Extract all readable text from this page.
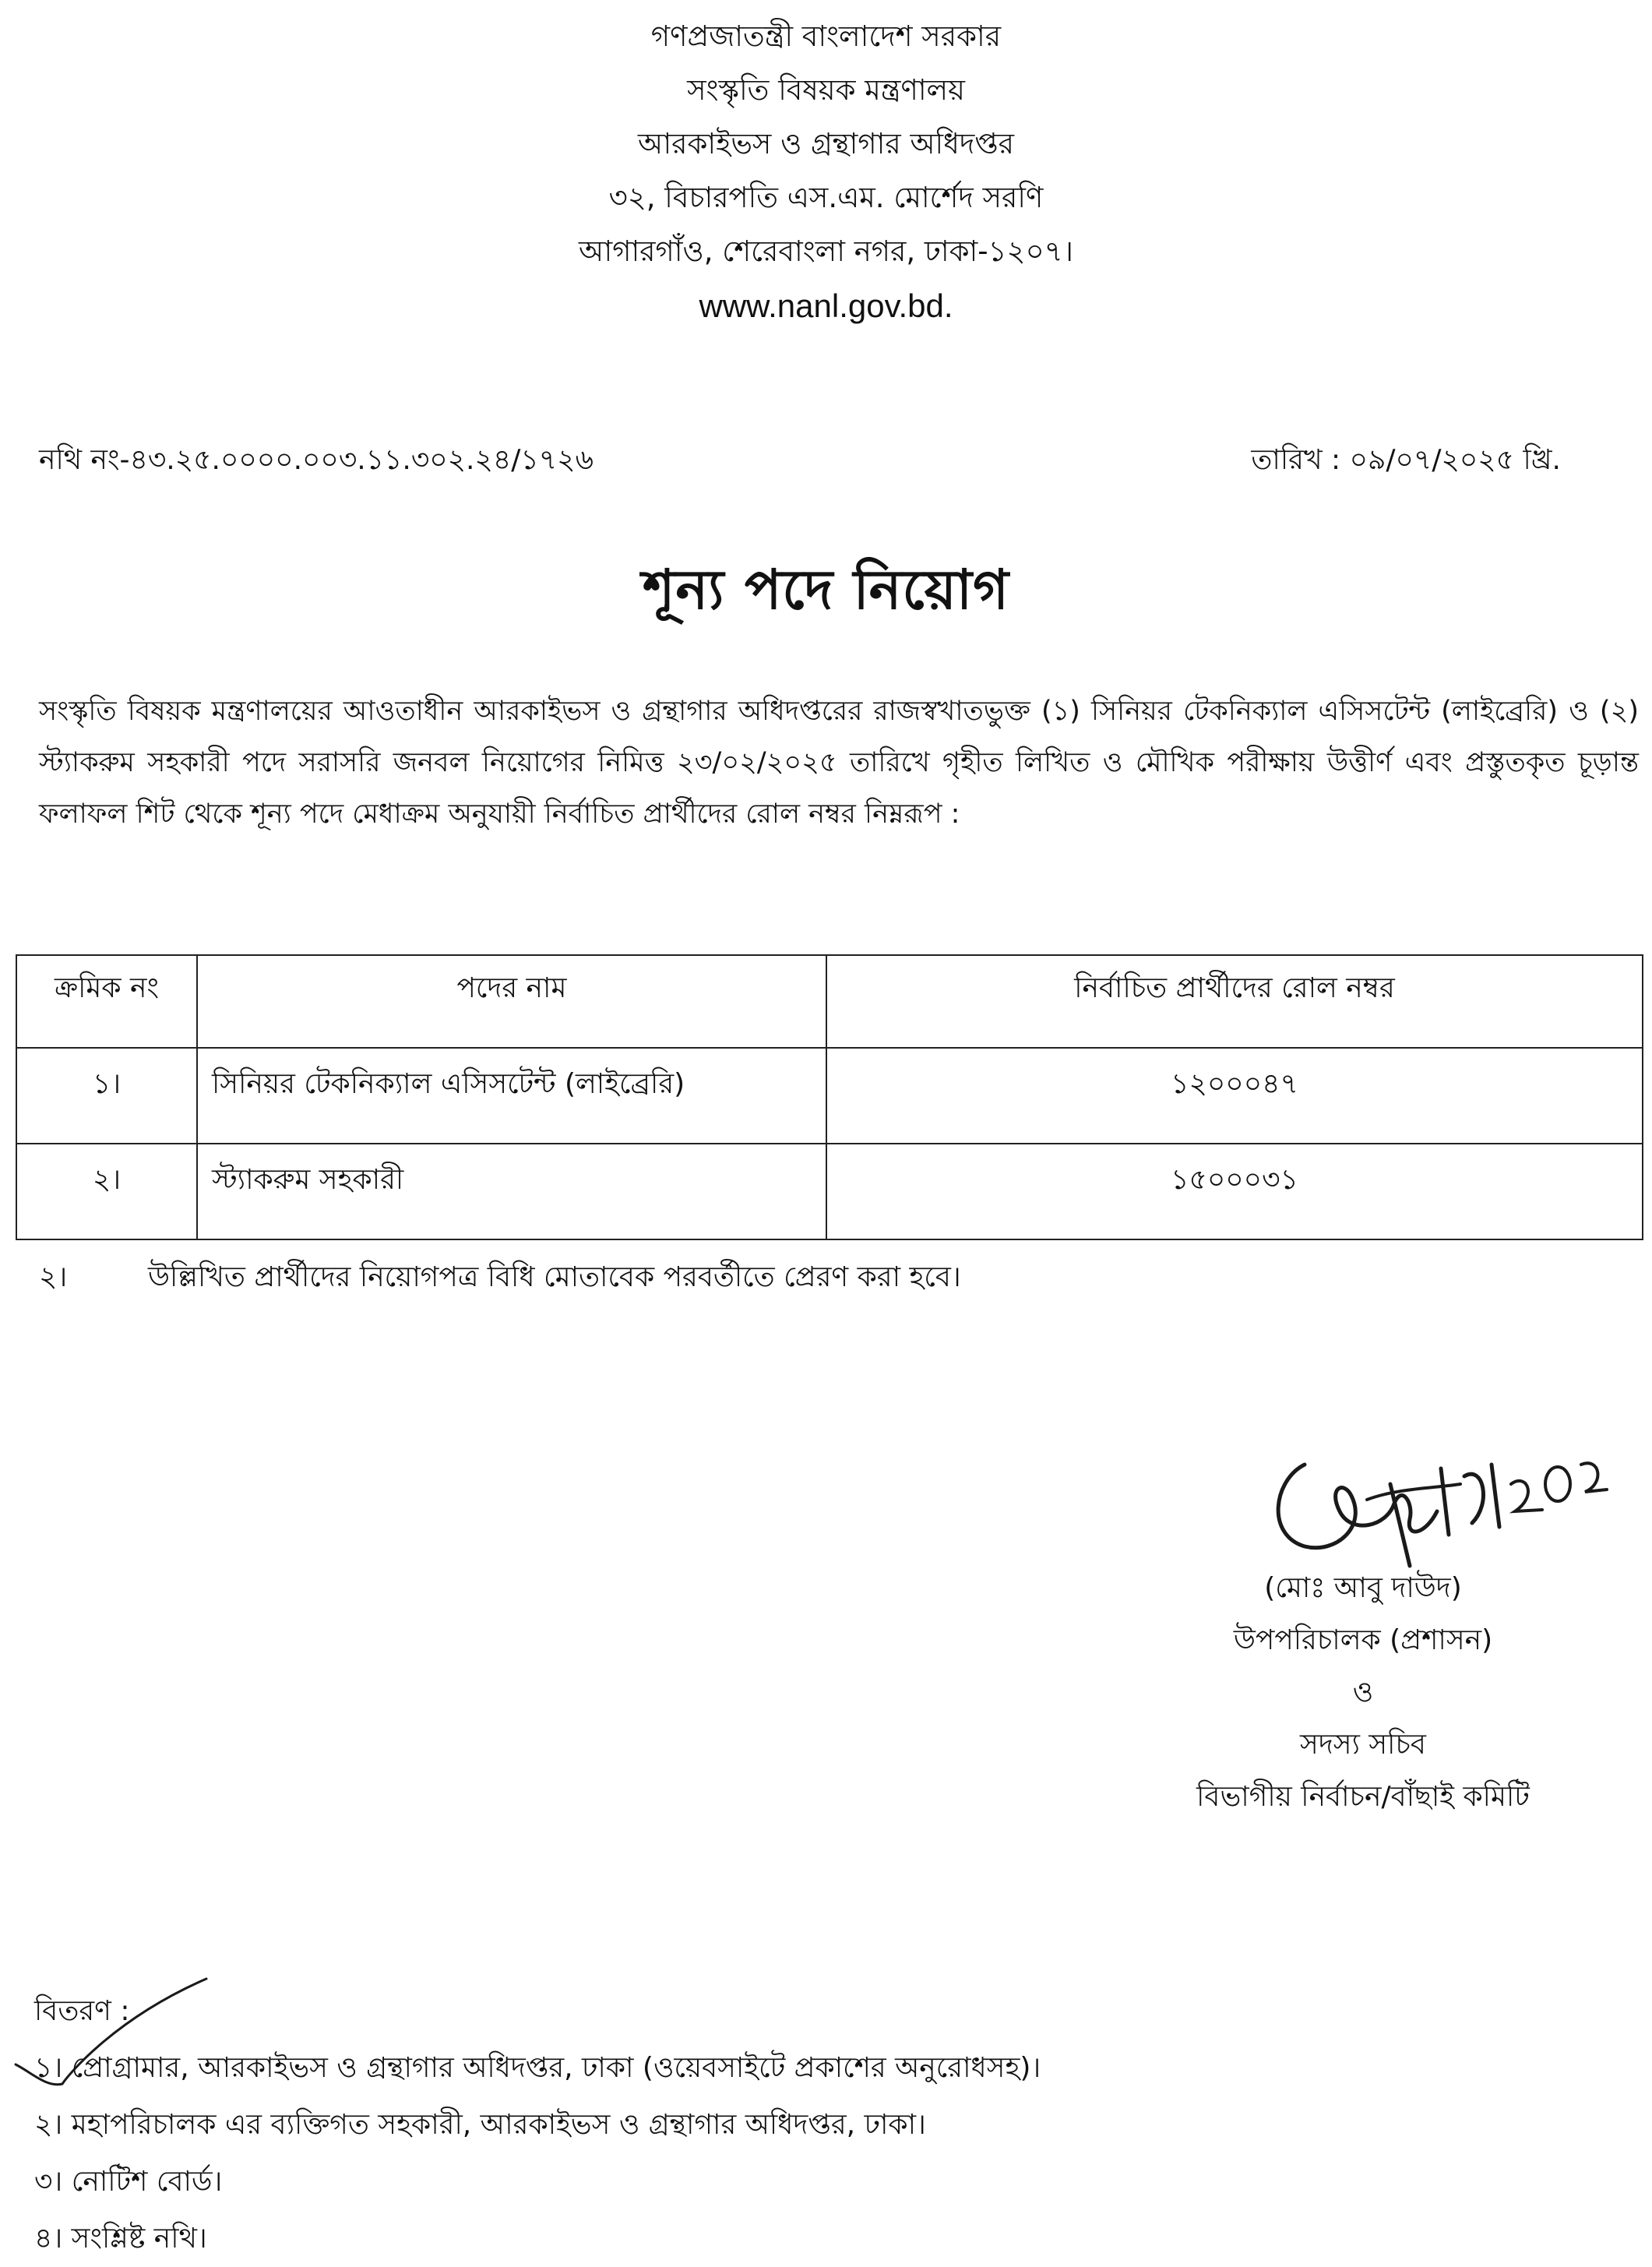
গণপ্রজাতন্ত্রী বাংলাদেশ সরকার
সংস্কৃতি বিষয়ক মন্ত্রণালয়
আরকাইভস ও গ্রন্থাগার অধিদপ্তর
৩২, বিচারপতি এস.এম. মোর্শেদ সরণি
আগারগাঁও, শেরেবাংলা নগর, ঢাকা-১২০৭।
www.nanl.gov.bd.
নথি নং-৪৩.২৫.০০০০.০০৩.১১.৩০২.২৪/১৭২৬	তারিখ : ০৯/০৭/২০২৫ খ্রি.
শূন্য পদে নিয়োগ
সংস্কৃতি বিষয়ক মন্ত্রণালয়ের আওতাধীন আরকাইভস ও গ্রন্থাগার অধিদপ্তরের রাজস্বখাতভুক্ত (১) সিনিয়র টেকনিক্যাল এসিসটেন্ট (লাইব্রেরি) ও (২) স্ট্যাকরুম সহকারী পদে সরাসরি জনবল নিয়োগের নিমিত্ত ২৩/০২/২০২৫ তারিখে গৃহীত লিখিত ও মৌখিক পরীক্ষায় উত্তীর্ণ এবং প্রস্তুতকৃত চূড়ান্ত ফলাফল শিট থেকে শূন্য পদে মেধাক্রম অনুযায়ী নির্বাচিত প্রার্থীদের রোল নম্বর নিম্নরূপ :
ক্রমিক নং	পদের নাম	নির্বাচিত প্রার্থীদের রোল নম্বর
১।	সিনিয়র টেকনিক্যাল এসিসটেন্ট (লাইব্রেরি)	১২০০০৪৭
২।	স্ট্যাকরুম সহকারী	১৫০০০৩১
২।	উল্লিখিত প্রার্থীদের নিয়োগপত্র বিধি মোতাবেক পরবর্তীতে প্রেরণ করা হবে।
(মোঃ আবু দাউদ)
উপপরিচালক (প্রশাসন)
ও
সদস্য সচিব
বিভাগীয় নির্বাচন/বাঁছাই কমিটি
বিতরণ :
১। প্রোগ্রামার, আরকাইভস ও গ্রন্থাগার অধিদপ্তর, ঢাকা (ওয়েবসাইটে প্রকাশের অনুরোধসহ)।
২। মহাপরিচালক এর ব্যক্তিগত সহকারী, আরকাইভস ও গ্রন্থাগার অধিদপ্তর, ঢাকা।
৩। নোটিশ বোর্ড।
৪। সংশ্লিষ্ট নথি।
